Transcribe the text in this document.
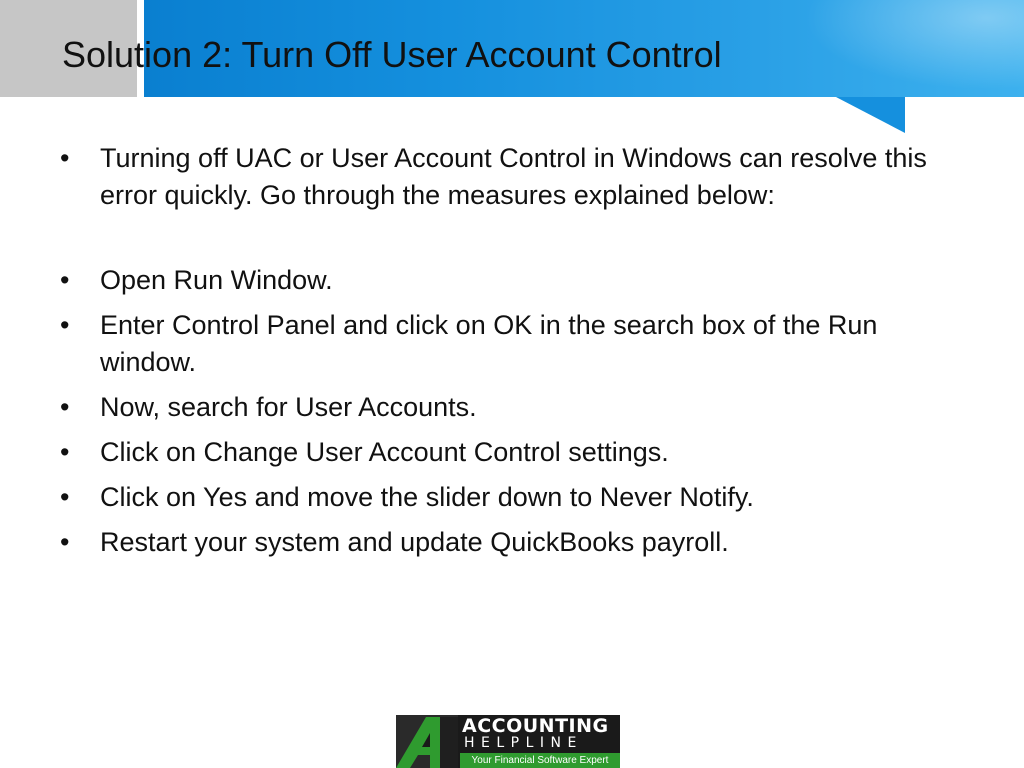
Solution 2: Turn Off User Account Control
• Turning off UAC or User Account Control in Windows can resolve this error quickly. Go through the measures explained below:
• Open Run Window.
• Enter Control Panel and click on OK in the search box of the Run window.
• Now, search for User Accounts.
• Click on Change User Account Control settings.
• Click on Yes and move the slider down to Never Notify.
• Restart your system and update QuickBooks payroll.
ACCOUNTING
HELPLINE
Your Financial Software Expert
